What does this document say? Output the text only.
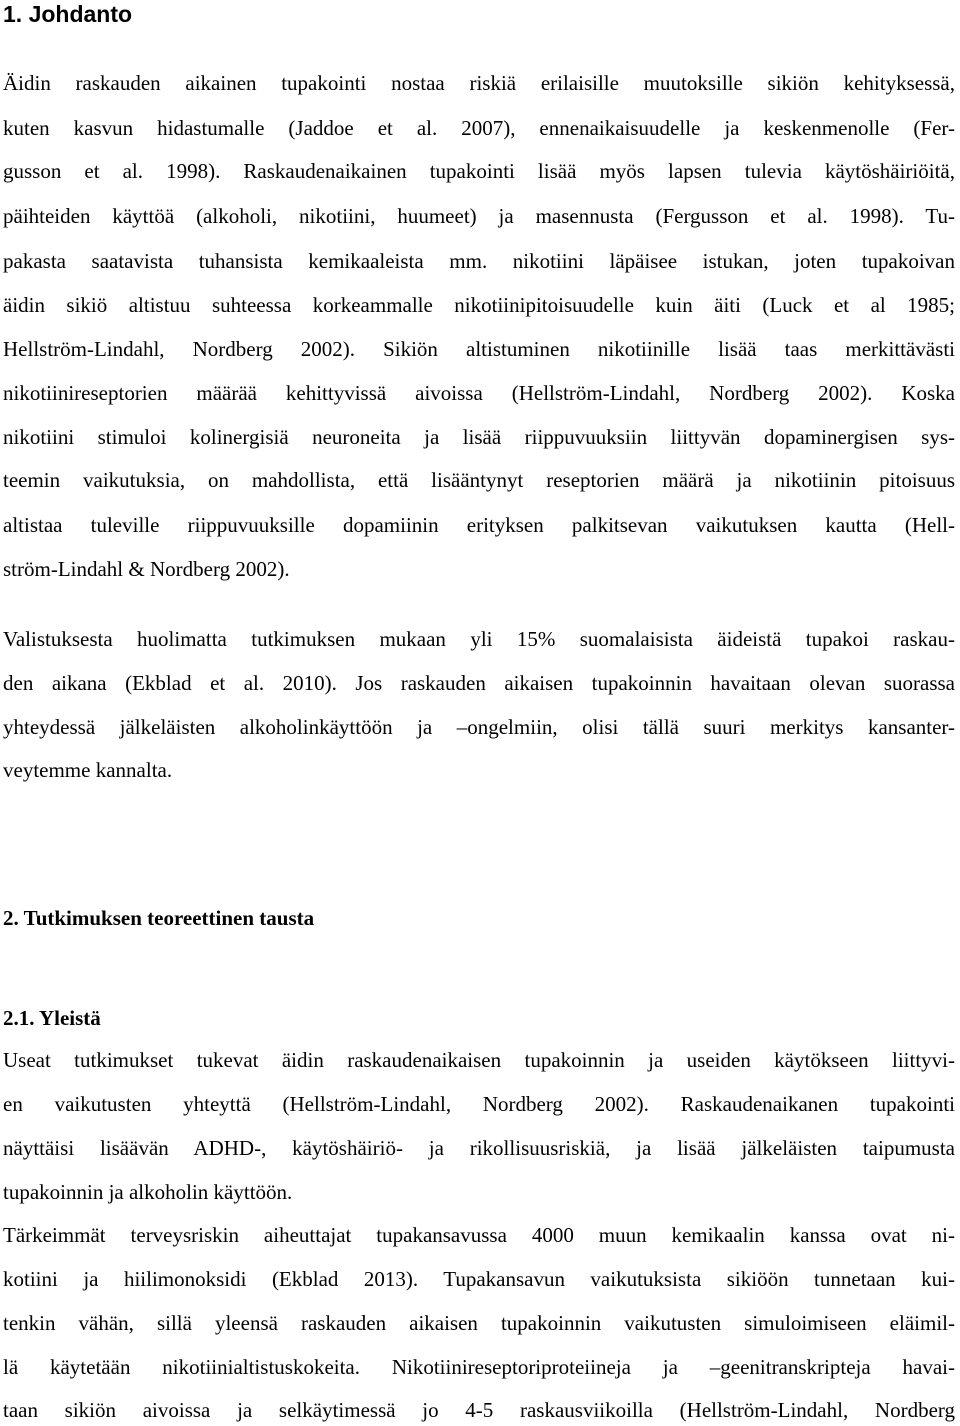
1. Johdanto
Äidin raskauden aikainen tupakointi nostaa riskiä erilaisille muutoksille sikiön kehityksessä,
kuten kasvun hidastumalle (Jaddoe et al. 2007), ennenaikaisuudelle ja keskenmenolle (Fer-
gusson et al. 1998). Raskaudenaikainen tupakointi lisää myös lapsen tulevia käytöshäiriöitä,
päihteiden käyttöä (alkoholi, nikotiini, huumeet) ja masennusta (Fergusson et al. 1998). Tu-
pakasta saatavista tuhansista kemikaaleista mm. nikotiini läpäisee istukan, joten tupakoivan
äidin sikiö altistuu suhteessa korkeammalle nikotiinipitoisuudelle kuin äiti (Luck et al 1985;
Hellström-Lindahl, Nordberg 2002). Sikiön altistuminen nikotiinille lisää taas merkittävästi
nikotiinireseptorien määrää kehittyvissä aivoissa (Hellström-Lindahl, Nordberg 2002). Koska
nikotiini stimuloi kolinergisiä neuroneita ja lisää riippuvuuksiin liittyvän dopaminergisen sys-
teemin vaikutuksia, on mahdollista, että lisääntynyt reseptorien määrä ja nikotiinin pitoisuus
altistaa tuleville riippuvuuksille dopamiinin erityksen palkitsevan vaikutuksen kautta (Hell-
ström-Lindahl & Nordberg 2002).
Valistuksesta huolimatta tutkimuksen mukaan yli 15% suomalaisista äideistä tupakoi raskau-
den aikana (Ekblad et al. 2010). Jos raskauden aikaisen tupakoinnin havaitaan olevan suorassa
yhteydessä jälkeläisten alkoholinkäyttöön ja –ongelmiin, olisi tällä suuri merkitys kansanter-
veytemme kannalta.
2. Tutkimuksen teoreettinen tausta
2.1. Yleistä
Useat tutkimukset tukevat äidin raskaudenaikaisen tupakoinnin ja useiden käytökseen liittyvi-
en vaikutusten yhteyttä (Hellström-Lindahl, Nordberg 2002). Raskaudenaikanen tupakointi
näyttäisi lisäävän ADHD-, käytöshäiriö- ja rikollisuusriskiä, ja lisää jälkeläisten taipumusta
tupakoinnin ja alkoholin käyttöön.
Tärkeimmät terveysriskin aiheuttajat tupakansavussa 4000 muun kemikaalin kanssa ovat ni-
kotiini ja hiilimonoksidi (Ekblad 2013). Tupakansavun vaikutuksista sikiöön tunnetaan kui-
tenkin vähän, sillä yleensä raskauden aikaisen tupakoinnin vaikutusten simuloimiseen eläimil-
lä käytetään nikotiinialtistuskokeita. Nikotiinireseptoriproteiineja ja –geenitranskripteja havai-
taan sikiön aivoissa ja selkäytimessä jo 4-5 raskausviikoilla (Hellström-Lindahl, Nordberg
